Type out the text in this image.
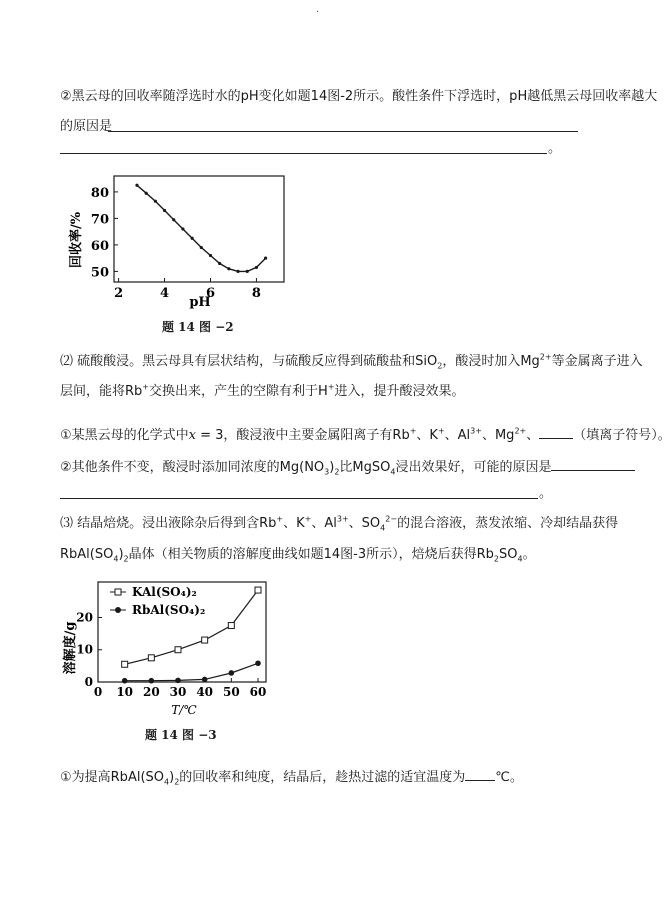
.
②黑云母的回收率随浮选时水的pH变化如题14图-2所示。酸性条件下浮选时，pH越低黑云母回收率越大
的原因是
。
2	4	6	8
50
60
70
80
回收率/%
pH
题 14 图 −2
⑵ 硫酸酸浸。黑云母具有层状结构，与硫酸反应得到硫酸盐和SiO$_2$，酸浸时加入$Mg^{2+}$等金属离子进入
层间，能将Rb+交换出来，产生的空隙有利于H+进入，提升酸浸效果。
①某黑云母的化学式中x = 3，酸浸液中主要金属阳离子有Rb+、K+、$Al^{3+}$、$Mg^{2+}$、	（填离子符号）。
②其他条件不变，酸浸时添加同浓度的$Mg(NO_3)_2$比MgSO$_4$浸出效果好，可能的原因是
。
⑶ 结晶焙烧。浸出液除杂后得到含Rb+、K+、$Al^{3+}$、$SO_4^{2-}$的混合溶液，蒸发浓缩、冷却结晶获得
$RbAl(SO_4)_2$晶体（相关物质的溶解度曲线如题14图-3所示），焙烧后获得$Rb_2SO_4$。
0 10 20 30 40 50 60
0
10
20
KAl(SO₄)₂
RbAl(SO₄)₂
溶解度/g
T/℃
题 14 图 −3
①为提高$RbAl(SO_4)_2$的回收率和纯度，结晶后，趁热过滤的适宜温度为 ℃。
